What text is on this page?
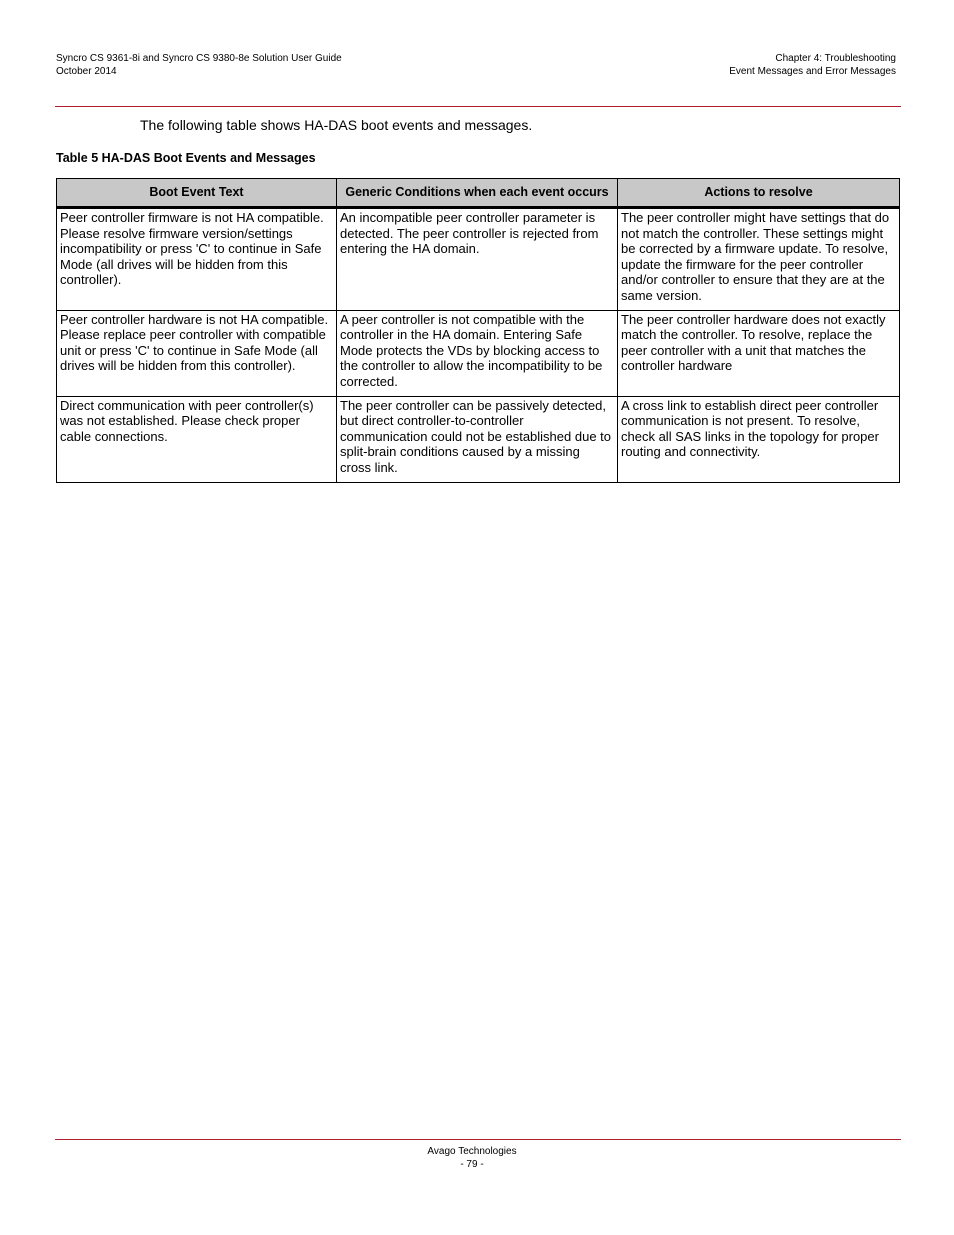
Syncro CS 9361-8i and Syncro CS 9380-8e Solution User Guide
October 2014
Chapter 4: Troubleshooting
Event Messages and Error Messages
The following table shows HA-DAS boot events and messages.
Table 5 HA-DAS Boot Events and Messages
Boot Event Text	Generic Conditions when each event occurs	Actions to resolve
Peer controller firmware is not HA compatible. Please resolve firmware version/settings incompatibility or press 'C' to continue in Safe Mode (all drives will be hidden from this controller).	An incompatible peer controller parameter is detected. The peer controller is rejected from entering the HA domain.	The peer controller might have settings that do not match the controller. These settings might be corrected by a firmware update. To resolve, update the firmware for the peer controller and/or controller to ensure that they are at the same version.
Peer controller hardware is not HA compatible. Please replace peer controller with compatible unit or press 'C' to continue in Safe Mode (all drives will be hidden from this controller).	A peer controller is not compatible with the controller in the HA domain. Entering Safe Mode protects the VDs by blocking access to the controller to allow the incompatibility to be corrected.	The peer controller hardware does not exactly match the controller. To resolve, replace the peer controller with a unit that matches the controller hardware
Direct communication with peer controller(s) was not established. Please check proper cable connections.	The peer controller can be passively detected, but direct controller-to-controller communication could not be established due to split-brain conditions caused by a missing cross link.	A cross link to establish direct peer controller communication is not present. To resolve, check all SAS links in the topology for proper routing and connectivity.
Avago Technologies
- 79 -
